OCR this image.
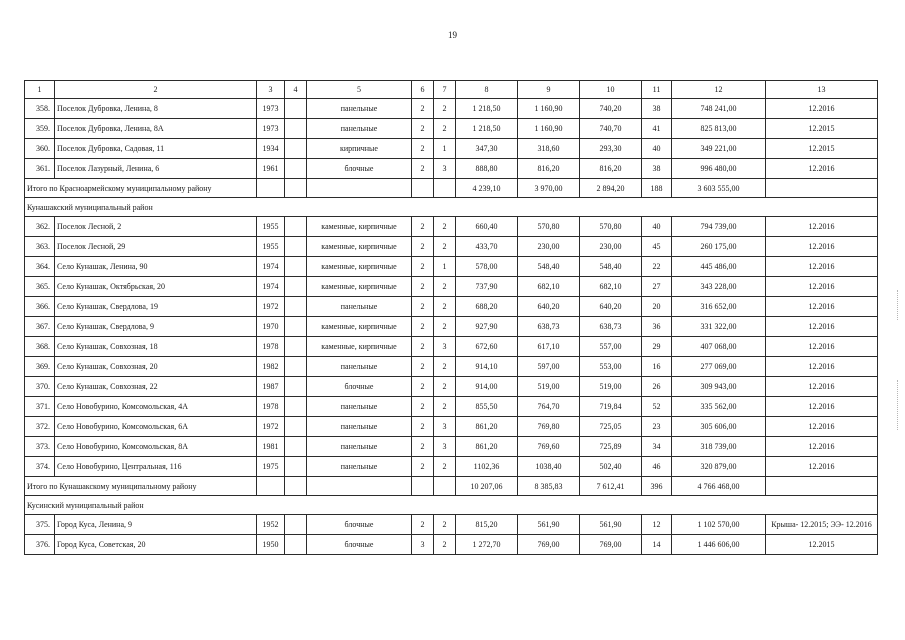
19
1	2	3	4	5	6	7	8	9	10	11	12	13
358.	Поселок Дубровка, Ленина, 8	1973		панельные	2	2	1 218,50	1 160,90	740,20	38	748 241,00	12.2016
359.	Поселок Дубровка, Ленина, 8А	1973		панельные	2	2	1 218,50	1 160,90	740,70	41	825 813,00	12.2015
360.	Поселок Дубровка, Садовая, 11	1934		кирпичные	2	1	347,30	318,60	293,30	40	349 221,00	12.2015
361.	Поселок Лазурный, Ленина, 6	1961		блочные	2	3	888,80	816,20	816,20	38	996 480,00	12.2016
Итого по Красноармейскому муниципальному району							4 239,10	3 970,00	2 894,20	188	3 603 555,00	
Кунашакский муниципальный район												
362.	Поселок Лесной, 2	1955		каменные, кирпичные	2	2	660,40	570,80	570,80	40	794 739,00	12.2016
363.	Поселок Лесной, 29	1955		каменные, кирпичные	2	2	433,70	230,00	230,00	45	260 175,00	12.2016
364.	Село Кунашак, Ленина, 90	1974		каменные, кирпичные	2	1	578,00	548,40	548,40	22	445 486,00	12.2016
365.	Село Кунашак, Октябрьская, 20	1974		каменные, кирпичные	2	2	737,90	682,10	682,10	27	343 228,00	12.2016
366.	Село Кунашак, Свердлова, 19	1972		панельные	2	2	688,20	640,20	640,20	20	316 652,00	12.2016
367.	Село Кунашак, Свердлова, 9	1970		каменные, кирпичные	2	2	927,90	638,73	638,73	36	331 322,00	12.2016
368.	Село Кунашак, Совхозная, 18	1978		каменные, кирпичные	2	3	672,60	617,10	557,00	29	407 068,00	12.2016
369.	Село Кунашак, Совхозная, 20	1982		панельные	2	2	914,10	597,00	553,00	16	277 069,00	12.2016
370.	Село Кунашак, Совхозная, 22	1987		блочные	2	2	914,00	519,00	519,00	26	309 943,00	12.2016
371.	Село Новобурино, Комсомольская, 4А	1978		панельные	2	2	855,50	764,70	719,84	52	335 562,00	12.2016
372.	Село Новобурино, Комсомольская, 6А	1972		панельные	2	3	861,20	769,80	725,05	23	305 606,00	12.2016
373.	Село Новобурино, Комсомольская, 8А	1981		панельные	2	3	861,20	769,60	725,89	34	318 739,00	12.2016
374.	Село Новобурино, Центральная, 116	1975		панельные	2	2	1102,36	1038,40	502,40	46	320 879,00	12.2016
Итого по Кунашакскому муниципальному району							10 207,06	8 385,83	7 612,41	396	4 766 468,00	
Кусинский муниципальный район												
375.	Город Куса, Ленина, 9	1952		блочные	2	2	815,20	561,90	561,90	12	1 102 570,00	Крыша- 12.2015; ЭЭ- 12.2016
376.	Город Куса, Советская, 20	1950		блочные	3	2	1 272,70	769,00	769,00	14	1 446 606,00	12.2015
